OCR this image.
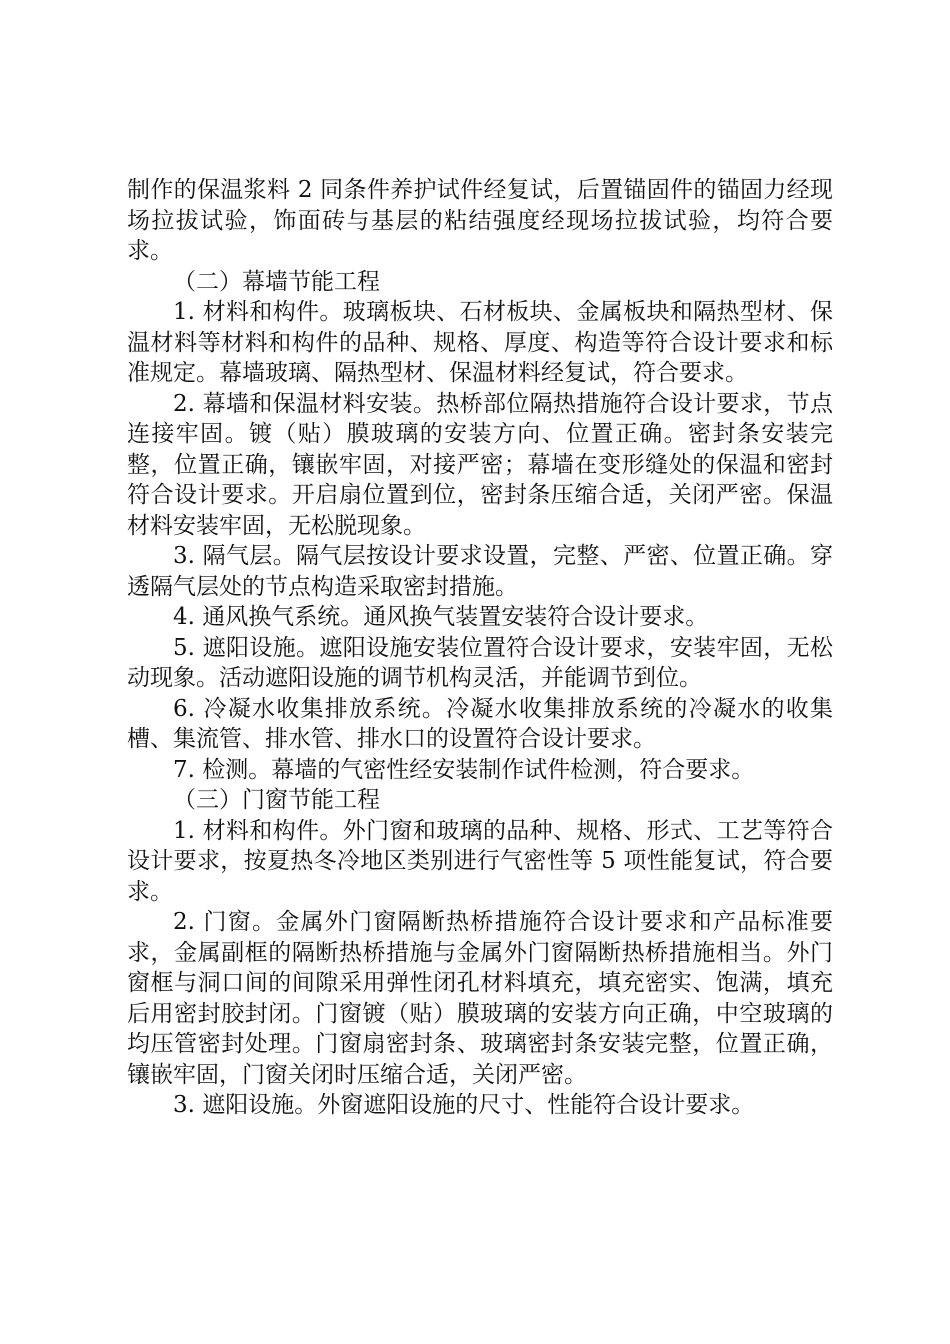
制作的保温浆料 2 同条件养护试件经复试，后置锚固件的锚固力经现场拉拔试验，饰面砖与基层的粘结强度经现场拉拔试验，均符合要求。

（二）幕墙节能工程

1. 材料和构件。玻璃板块、石材板块、金属板块和隔热型材、保温材料等材料和构件的品种、规格、厚度、构造等符合设计要求和标准规定。幕墙玻璃、隔热型材、保温材料经复试，符合要求。

2. 幕墙和保温材料安装。热桥部位隔热措施符合设计要求，节点连接牢固。镀（贴）膜玻璃的安装方向、位置正确。密封条安装完整，位置正确，镶嵌牢固，对接严密；幕墙在变形缝处的保温和密封符合设计要求。开启扇位置到位，密封条压缩合适，关闭严密。保温材料安装牢固，无松脱现象。

3. 隔气层。隔气层按设计要求设置，完整、严密、位置正确。穿透隔气层处的节点构造采取密封措施。

4. 通风换气系统。通风换气装置安装符合设计要求。

5. 遮阳设施。遮阳设施安装位置符合设计要求，安装牢固，无松动现象。活动遮阳设施的调节机构灵活，并能调节到位。

6. 冷凝水收集排放系统。冷凝水收集排放系统的冷凝水的收集槽、集流管、排水管、排水口的设置符合设计要求。

7. 检测。幕墙的气密性经安装制作试件检测，符合要求。

（三）门窗节能工程

1. 材料和构件。外门窗和玻璃的品种、规格、形式、工艺等符合设计要求，按夏热冬冷地区类别进行气密性等 5 项性能复试，符合要求。

2. 门窗。金属外门窗隔断热桥措施符合设计要求和产品标准要求，金属副框的隔断热桥措施与金属外门窗隔断热桥措施相当。外门窗框与洞口间的间隙采用弹性闭孔材料填充，填充密实、饱满，填充后用密封胶封闭。门窗镀（贴）膜玻璃的安装方向正确，中空玻璃的均压管密封处理。门窗扇密封条、玻璃密封条安装完整，位置正确，镶嵌牢固，门窗关闭时压缩合适，关闭严密。

3. 遮阳设施。外窗遮阳设施的尺寸、性能符合设计要求。
